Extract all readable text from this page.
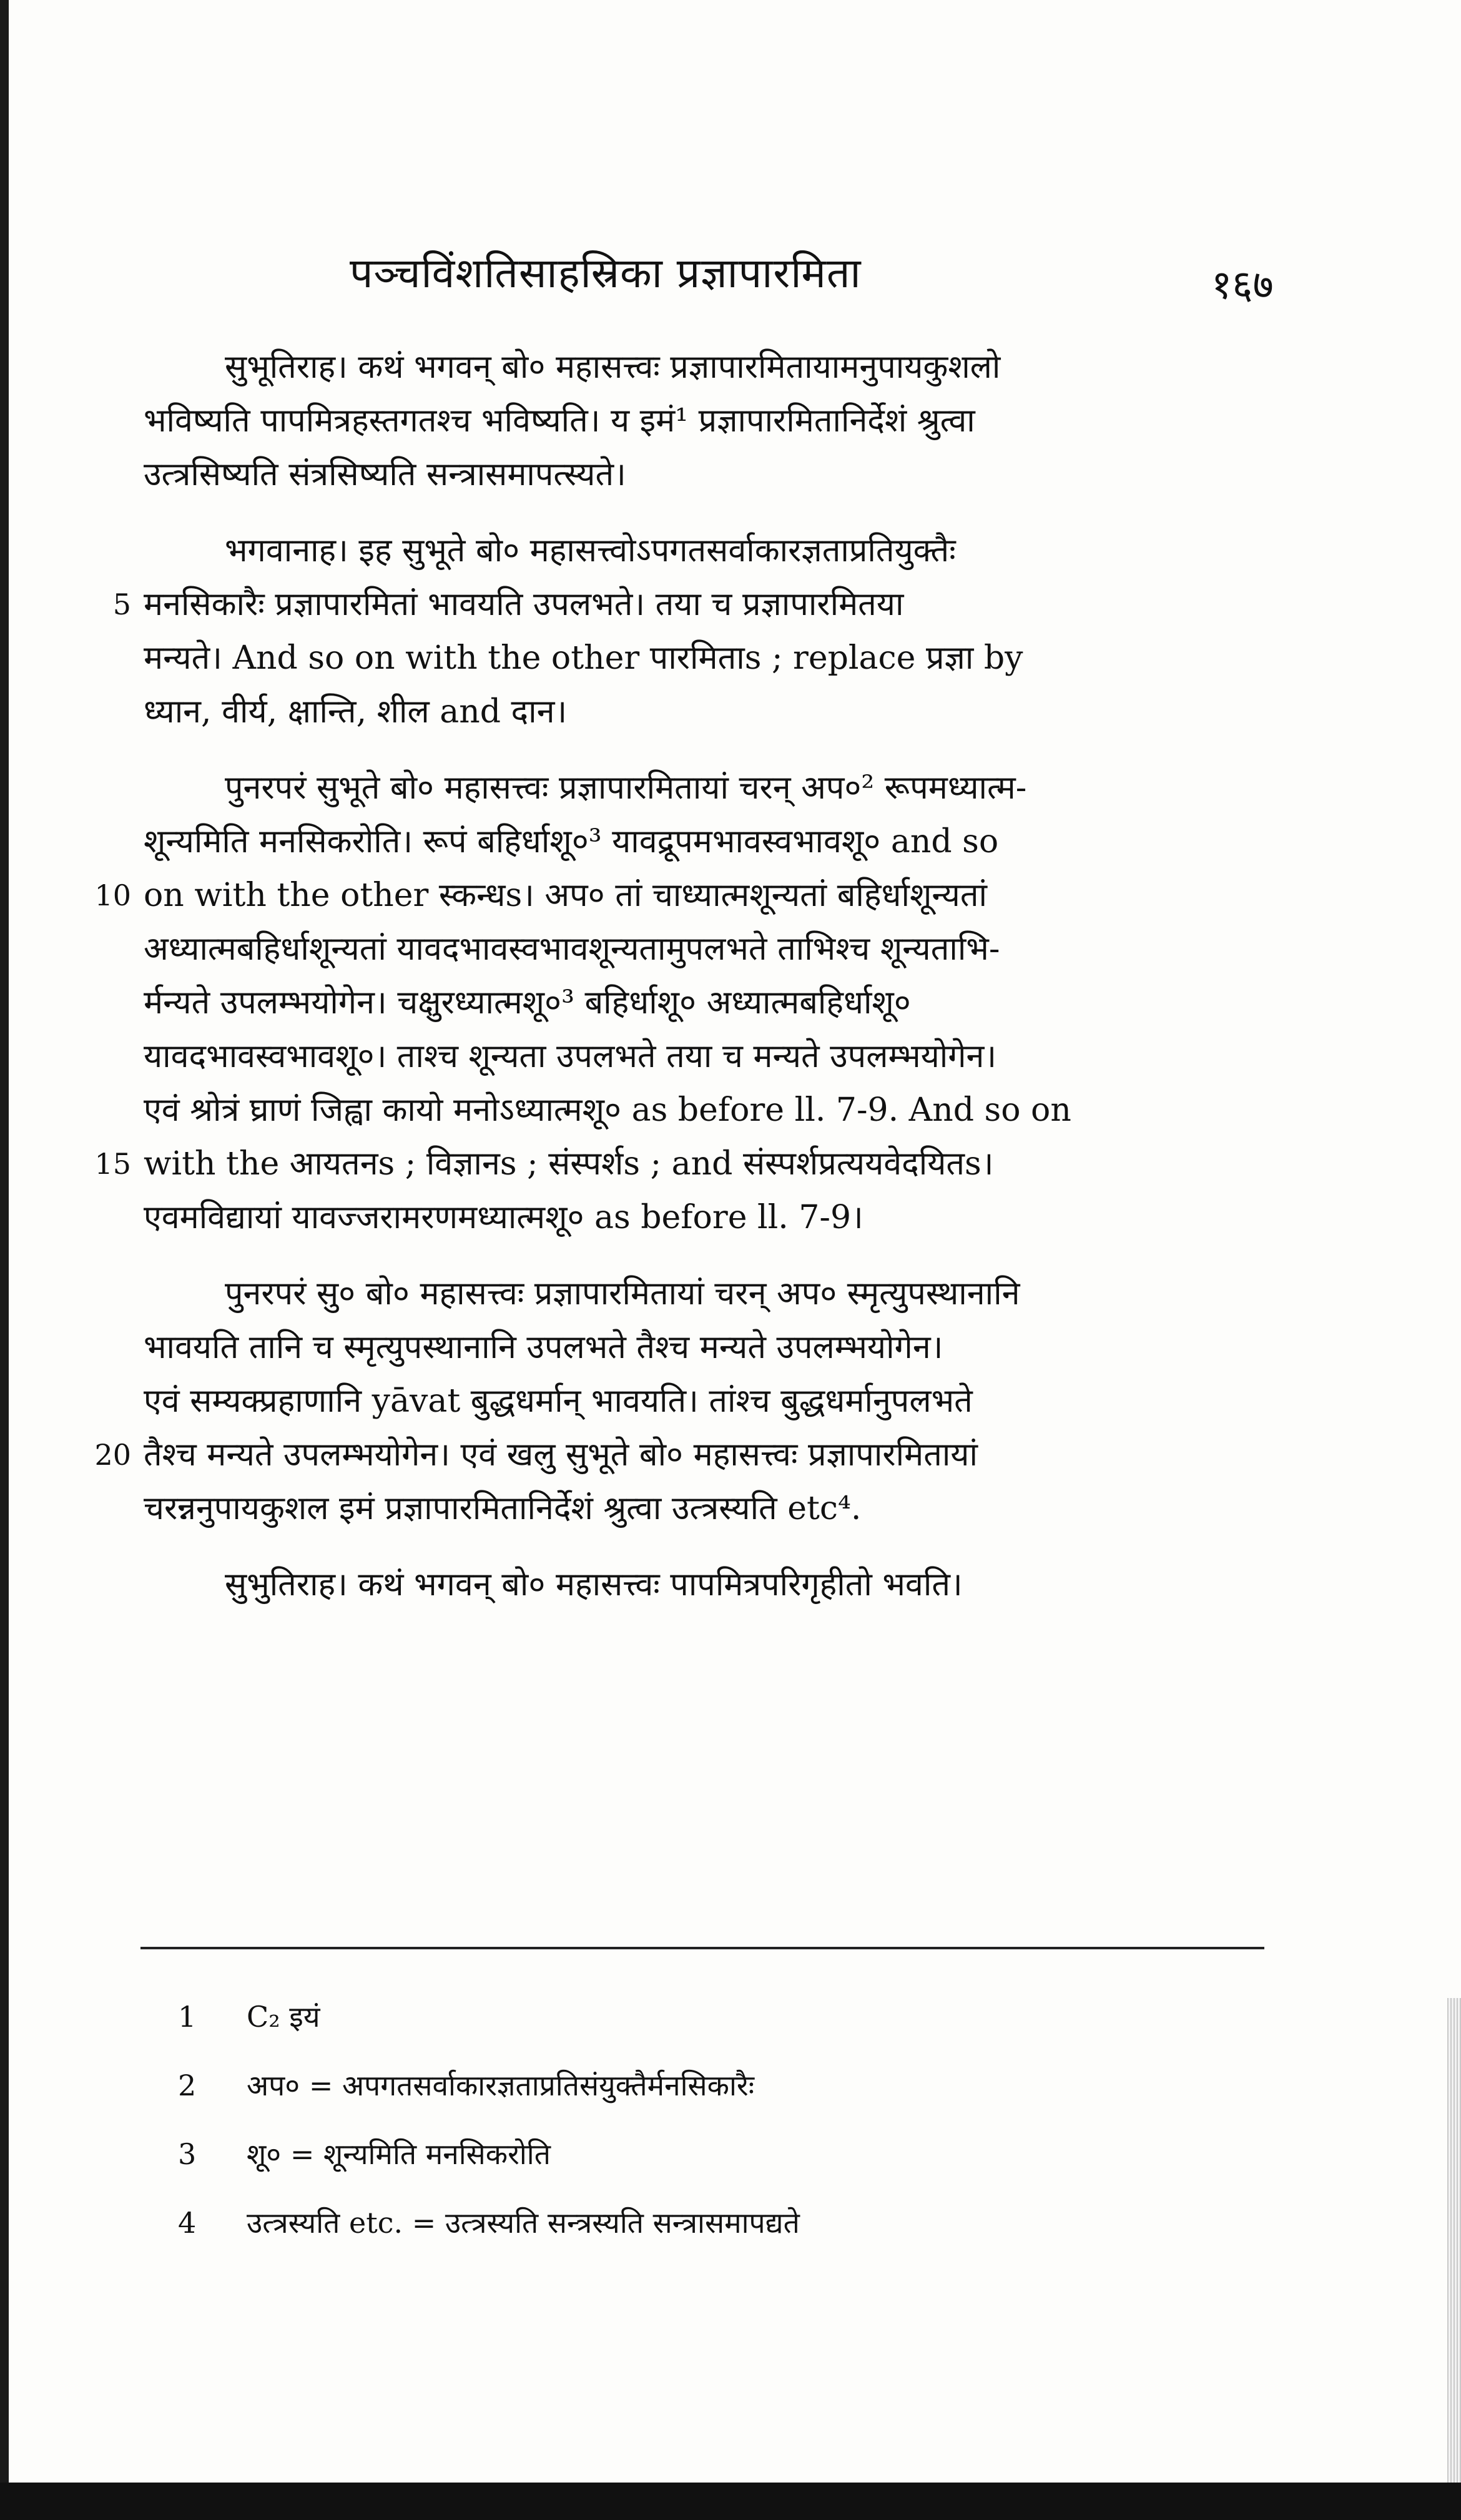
पञ्चविंशतिसाहस्रिका प्रज्ञापारमिता	१६७
सुभूतिराह। कथं भगवन् बो० महासत्त्वः प्रज्ञापारमितायामनुपायकुशलो
भविष्यति पापमित्रहस्तगतश्च भविष्यति। य इमं¹ प्रज्ञापारमितानिर्देशं श्रुत्वा
उत्त्रसिष्यति संत्रसिष्यति सन्त्रासमापत्स्यते।
भगवानाह। इह सुभूते बो० महासत्त्वोऽपगतसर्वाकारज्ञताप्रतियुक्तैः
5 मनसिकारैः प्रज्ञापारमितां भावयति उपलभते। तया च प्रज्ञापारमितया
मन्यते। And so on with the other पारमिताs ; replace प्रज्ञा by
ध्यान, वीर्य, क्षान्ति, शील and दान।
पुनरपरं सुभूते बो० महासत्त्वः प्रज्ञापारमितायां चरन् अप०² रूपमध्यात्म-
शून्यमिति मनसिकरोति। रूपं बहिर्धाशू०³ यावद्रूपमभावस्वभावशू० and so
10 on with the other स्कन्धs। अप० तां चाध्यात्मशून्यतां बहिर्धाशून्यतां
अध्यात्मबहिर्धाशून्यतां यावदभावस्वभावशून्यतामुपलभते ताभिश्च शून्यताभि-
र्मन्यते उपलम्भयोगेन। चक्षुरध्यात्मशू०³ बहिर्धाशू० अध्यात्मबहिर्धाशू०
यावदभावस्वभावशू०। ताश्च शून्यता उपलभते तया च मन्यते उपलम्भयोगेन।
एवं श्रोत्रं घ्राणं जिह्वा कायो मनोऽध्यात्मशू० as before ll. 7-9. And so on
15 with the आयतनs ; विज्ञानs ; संस्पर्शs ; and संस्पर्शप्रत्ययवेदयितs।
एवमविद्यायां यावज्जरामरणमध्यात्मशू० as before ll. 7-9।
पुनरपरं सु० बो० महासत्त्वः प्रज्ञापारमितायां चरन् अप० स्मृत्युपस्थानानि
भावयति तानि च स्मृत्युपस्थानानि उपलभते तैश्च मन्यते उपलम्भयोगेन।
एवं सम्यक्प्रहाणानि yāvat बुद्धधर्मान् भावयति। तांश्च बुद्धधर्मानुपलभते
20 तैश्च मन्यते उपलम्भयोगेन। एवं खलु सुभूते बो० महासत्त्वः प्रज्ञापारमितायां
चरन्ननुपायकुशल इमं प्रज्ञापारमितानिर्देशं श्रुत्वा उत्त्रस्यति etc⁴.
सुभुतिराह। कथं भगवन् बो० महासत्त्वः पापमित्रपरिगृहीतो भवति।
1 C₂ इयं
2 अप० = अपगतसर्वाकारज्ञताप्रतिसंयुक्तैर्मनसिकारैः
3 शू० = शून्यमिति मनसिकरोति
4 उत्त्रस्यति etc. = उत्त्रस्यति सन्त्रस्यति सन्त्रासमापद्यते
